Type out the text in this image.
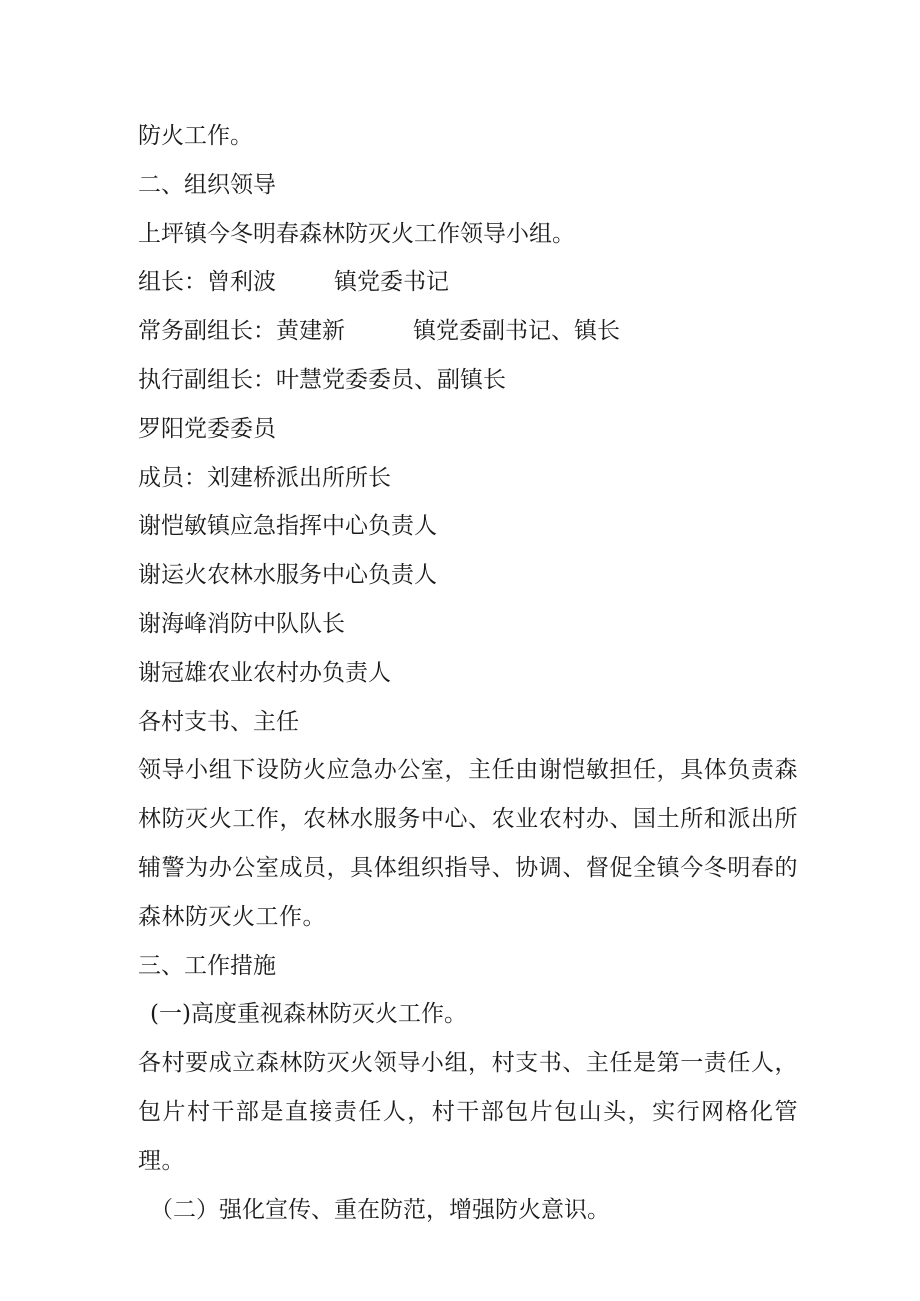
防火工作。

二、组织领导

上坪镇今冬明春森林防灭火工作领导小组。

组长：曾利波	镇党委书记

常务副组长：黄建新	镇党委副书记、镇长

执行副组长：叶慧党委委员、副镇长

罗阳党委委员

成员：刘建桥派出所所长

谢恺敏镇应急指挥中心负责人

谢运火农林水服务中心负责人

谢海峰消防中队队长

谢冠雄农业农村办负责人

各村支书、主任

领导小组下设防火应急办公室，主任由谢恺敏担任，具体负责森林防灭火工作，农林水服务中心、农业农村办、国土所和派出所辅警为办公室成员，具体组织指导、协调、督促全镇今冬明春的森林防灭火工作。

三、工作措施

(一)高度重视森林防灭火工作。

各村要成立森林防灭火领导小组，村支书、主任是第一责任人，包片村干部是直接责任人，村干部包片包山头，实行网格化管理。

（二）强化宣传、重在防范，增强防火意识。
